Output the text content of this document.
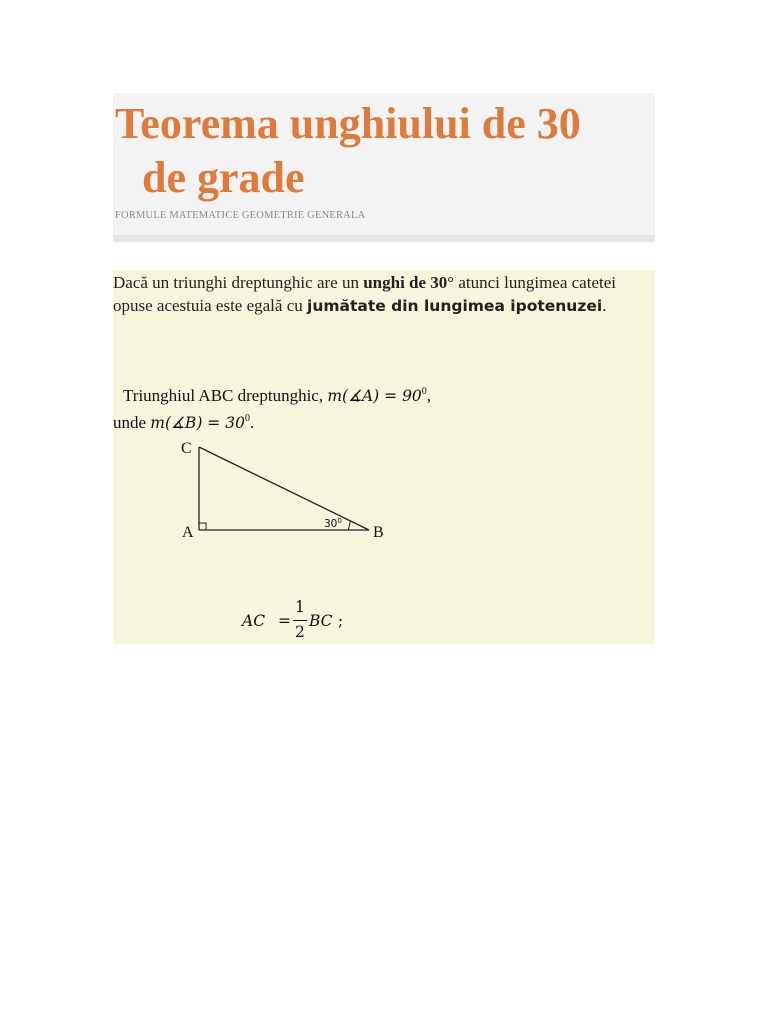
Teorema unghiului de 30
de grade
FORMULE MATEMATICE GEOMETRIE GENERALA
Dacă un triunghi dreptunghic are un unghi de 30° atunci lungimea catetei opuse acestuia este egală cu jumătate din lungimea ipotenuzei.
Triunghiul ABC dreptunghic, m(∡A) = $90^0$,
unde m(∡B) = $30^0$.
C
A	B
$30^0$
AC =
1
2
BC ;
